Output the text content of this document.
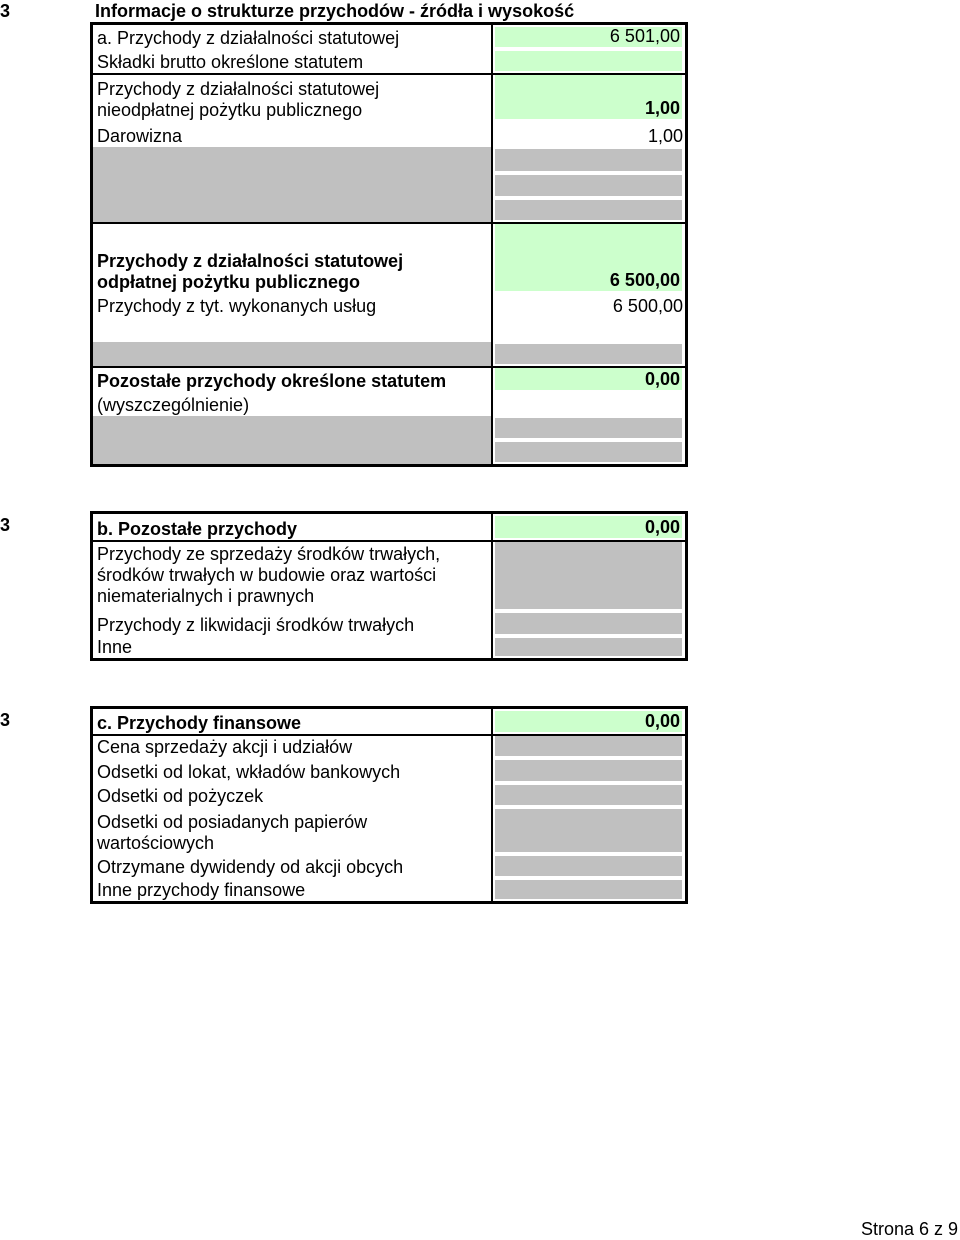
3	Informacje o strukturze przychodów - źródła i wysokość
a. Przychody z działalności statutowej	6 501,00
Składki brutto określone statutem
Przychody z działalności statutowej
nieodpłatnej pożytku publicznego	1,00
Darowizna	1,00
Przychody z działalności statutowej
odpłatnej pożytku publicznego	6 500,00
Przychody z tyt. wykonanych usług	6 500,00
Pozostałe przychody określone statutem	0,00
(wyszczególnienie)
3	b. Pozostałe przychody	0,00
Przychody ze sprzedaży środków trwałych,
środków trwałych w budowie oraz wartości
niematerialnych i prawnych
Przychody z likwidacji środków trwałych
Inne
3	c. Przychody finansowe	0,00
Cena sprzedaży akcji i udziałów
Odsetki od lokat, wkładów bankowych
Odsetki od pożyczek
Odsetki od posiadanych papierów
wartościowych
Otrzymane dywidendy od akcji obcych
Inne przychody finansowe
Strona 6 z 9
